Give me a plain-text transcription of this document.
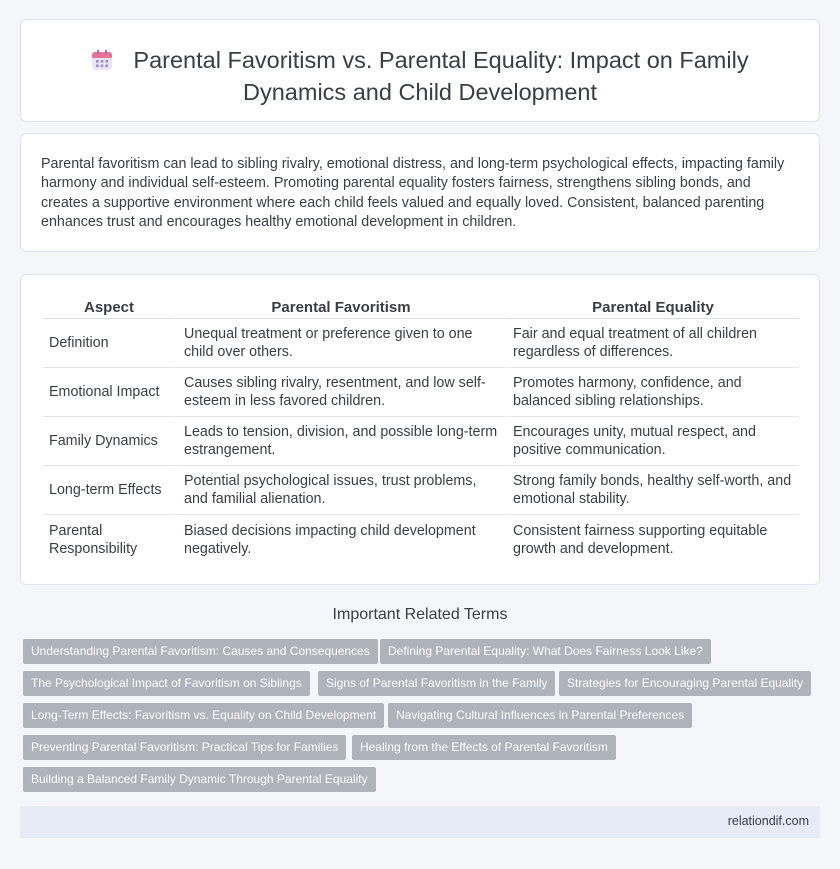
Parental Favoritism vs. Parental Equality: Impact on Family
Dynamics and Child Development

Parental favoritism can lead to sibling rivalry, emotional distress, and long-term psychological effects, impacting family harmony and individual self-esteem. Promoting parental equality fosters fairness, strengthens sibling bonds, and creates a supportive environment where each child feels valued and equally loved. Consistent, balanced parenting enhances trust and encourages healthy emotional development in children.

Aspect	Parental Favoritism	Parental Equality
Definition	Unequal treatment or preference given to one child over others.	Fair and equal treatment of all children regardless of differences.
Emotional Impact	Causes sibling rivalry, resentment, and low self-esteem in less favored children.	Promotes harmony, confidence, and balanced sibling relationships.
Family Dynamics	Leads to tension, division, and possible long-term estrangement.	Encourages unity, mutual respect, and positive communication.
Long-term Effects	Potential psychological issues, trust problems, and familial alienation.	Strong family bonds, healthy self-worth, and emotional stability.
Parental Responsibility	Biased decisions impacting child development negatively.	Consistent fairness supporting equitable growth and development.
Important Related Terms
Understanding Parental Favoritism: Causes and Consequences	Defining Parental Equality: What Does Fairness Look Like?
The Psychological Impact of Favoritism on Siblings	Signs of Parental Favoritism in the Family	Strategies for Encouraging Parental Equality
Long-Term Effects: Favoritism vs. Equality on Child Development	Navigating Cultural Influences in Parental Preferences
Preventing Parental Favoritism: Practical Tips for Families	Healing from the Effects of Parental Favoritism
Building a Balanced Family Dynamic Through Parental Equality
relationdif.com
